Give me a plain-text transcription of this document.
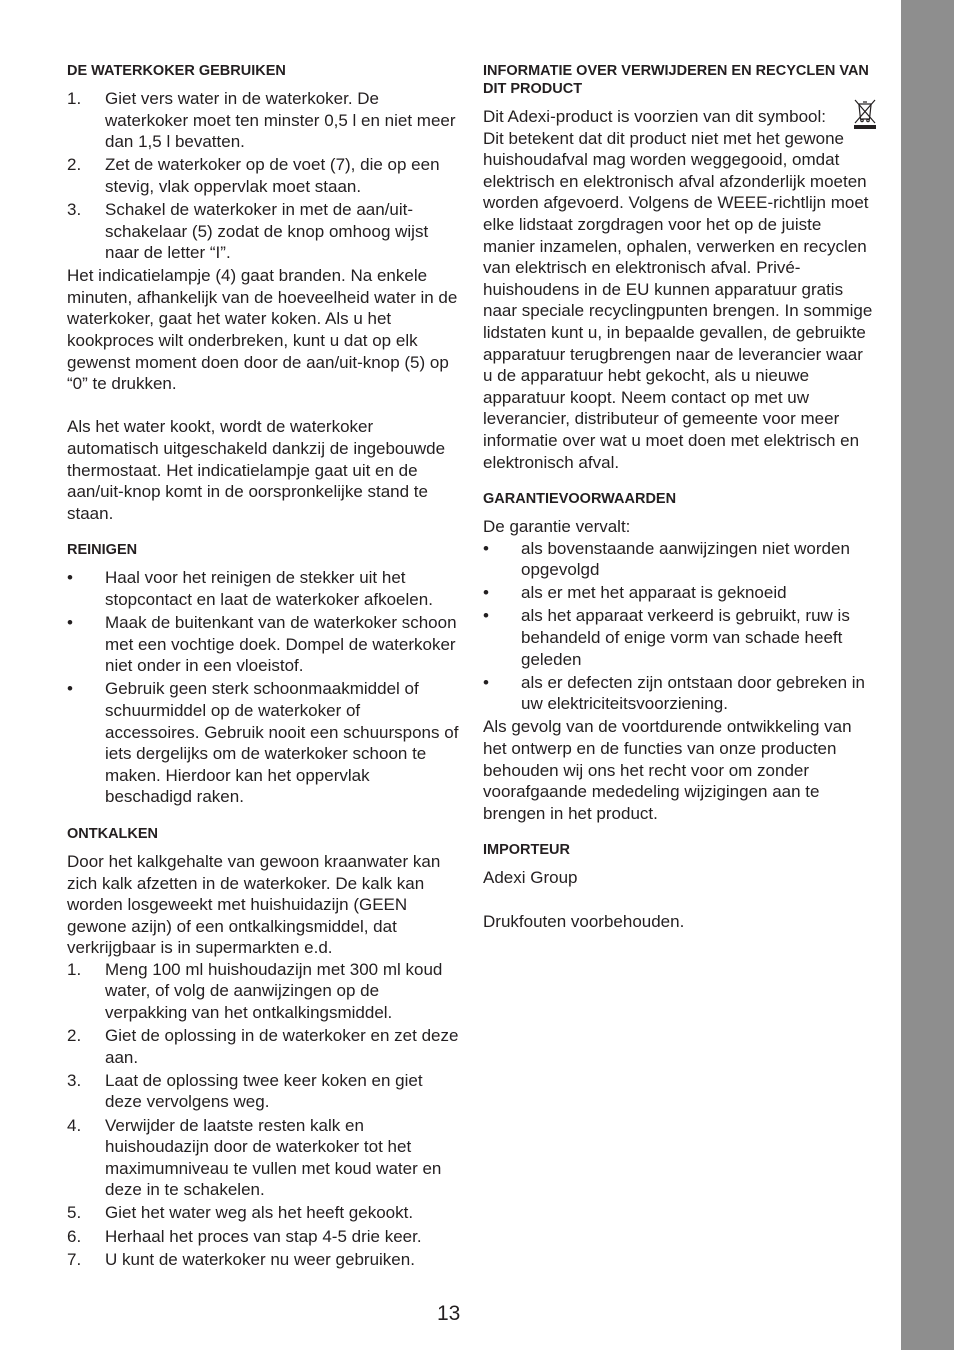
DE WATERKOKER GEBRUIKEN
1. Giet vers water in de waterkoker. De waterkoker moet ten minster 0,5 l en niet meer dan 1,5 l bevatten.
2. Zet de waterkoker op de voet (7), die op een stevig, vlak oppervlak moet staan.
3. Schakel de waterkoker in met de aan/uit-schakelaar (5) zodat de knop omhoog wijst naar de letter “I”.

Het indicatielampje (4) gaat branden. Na enkele minuten, afhankelijk van de hoeveelheid water in de waterkoker, gaat het water koken. Als u het kookproces wilt onderbreken, kunt u dat op elk gewenst moment doen door de aan/uit-knop (5) op “0” te drukken.

Als het water kookt, wordt de waterkoker automatisch uitgeschakeld dankzij de ingebouwde thermostaat. Het indicatielampje gaat uit en de aan/uit-knop komt in de oorspronkelijke stand te staan.

REINIGEN
• Haal voor het reinigen de stekker uit het stopcontact en laat de waterkoker afkoelen.
• Maak de buitenkant van de waterkoker schoon met een vochtige doek. Dompel de waterkoker niet onder in een vloeistof.
• Gebruik geen sterk schoonmaakmiddel of schuurmiddel op de waterkoker of accessoires. Gebruik nooit een schuurspons of iets dergelijks om de waterkoker schoon te maken. Hierdoor kan het oppervlak beschadigd raken.
ONTKALKEN

Door het kalkgehalte van gewoon kraanwater kan zich kalk afzetten in de waterkoker. De kalk kan worden losgeweekt met huishuidazijn (GEEN gewone azijn) of een ontkalkingsmiddel, dat verkrijgbaar is in supermarkten e.d.

1. Meng 100 ml huishoudazijn met 300 ml koud water, of volg de aanwijzingen op de verpakking van het ontkalkingsmiddel.
2. Giet de oplossing in de waterkoker en zet deze aan.
3. Laat de oplossing twee keer koken en giet deze vervolgens weg.
4. Verwijder de laatste resten kalk en huishoudazijn door de waterkoker tot het maximumniveau te vullen met koud water en deze in te schakelen.
5. Giet het water weg als het heeft gekookt.
6. Herhaal het proces van stap 4-5 drie keer.
7. U kunt de waterkoker nu weer gebruiken.
INFORMATIE OVER VERWIJDEREN EN RECYCLEN VAN DIT PRODUCT

Dit Adexi-product is voorzien van dit symbool:

Dit betekent dat dit product niet met het gewone huishoudafval mag worden weggegooid, omdat elektrisch en elektronisch afval afzonderlijk moeten worden afgevoerd. Volgens de WEEE-richtlijn moet elke lidstaat zorgdragen voor het op de juiste manier inzamelen, ophalen, verwerken en recyclen van elektrisch en elektronisch afval. Privé-huishoudens in de EU kunnen apparatuur gratis naar speciale recyclingpunten brengen. In sommige lidstaten kunt u, in bepaalde gevallen, de gebruikte apparatuur terugbrengen naar de leverancier waar u de apparatuur hebt gekocht, als u nieuwe apparatuur koopt. Neem contact op met uw leverancier, distributeur of gemeente voor meer informatie over wat u moet doen met elektrisch en elektronisch afval.

GARANTIEVOORWAARDEN

De garantie vervalt:

• als bovenstaande aanwijzingen niet worden opgevolgd
• als er met het apparaat is geknoeid
• als het apparaat verkeerd is gebruikt, ruw is behandeld of enige vorm van schade heeft geleden
• als er defecten zijn ontstaan door gebreken in uw elektriciteitsvoorziening.

Als gevolg van de voortdurende ontwikkeling van het ontwerp en de functies van onze producten behouden wij ons het recht voor om zonder voorafgaande mededeling wijzigingen aan te brengen in het product.

IMPORTEUR

Adexi Group

Drukfouten voorbehouden.

13
